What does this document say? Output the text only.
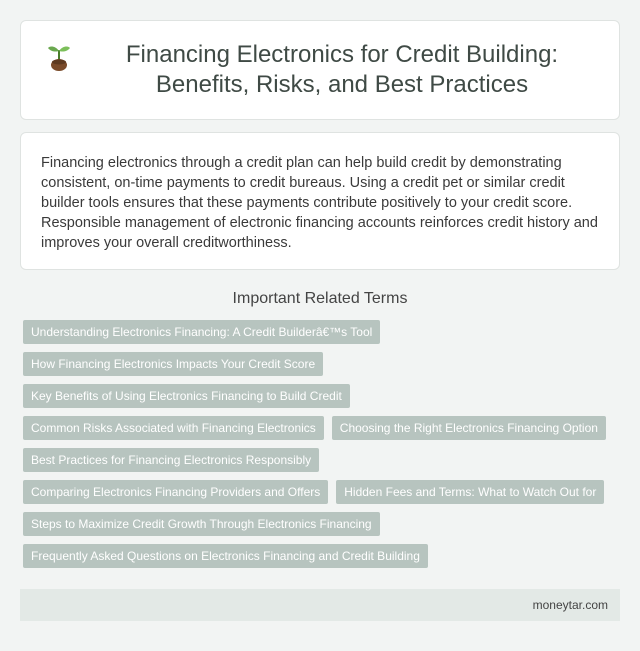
Financing Electronics for Credit Building: Benefits, Risks, and Best Practices

Financing electronics through a credit plan can help build credit by demonstrating consistent, on-time payments to credit bureaus. Using a credit pet or similar credit builder tools ensures that these payments contribute positively to your credit score. Responsible management of electronic financing accounts reinforces credit history and improves your overall creditworthiness.

Important Related Terms
Understanding Electronics Financing: A Credit Builderâ€™s Tool
How Financing Electronics Impacts Your Credit Score
Key Benefits of Using Electronics Financing to Build Credit
Common Risks Associated with Financing Electronics	Choosing the Right Electronics Financing Option
Best Practices for Financing Electronics Responsibly
Comparing Electronics Financing Providers and Offers	Hidden Fees and Terms: What to Watch Out for
Steps to Maximize Credit Growth Through Electronics Financing
Frequently Asked Questions on Electronics Financing and Credit Building
moneytar.com
